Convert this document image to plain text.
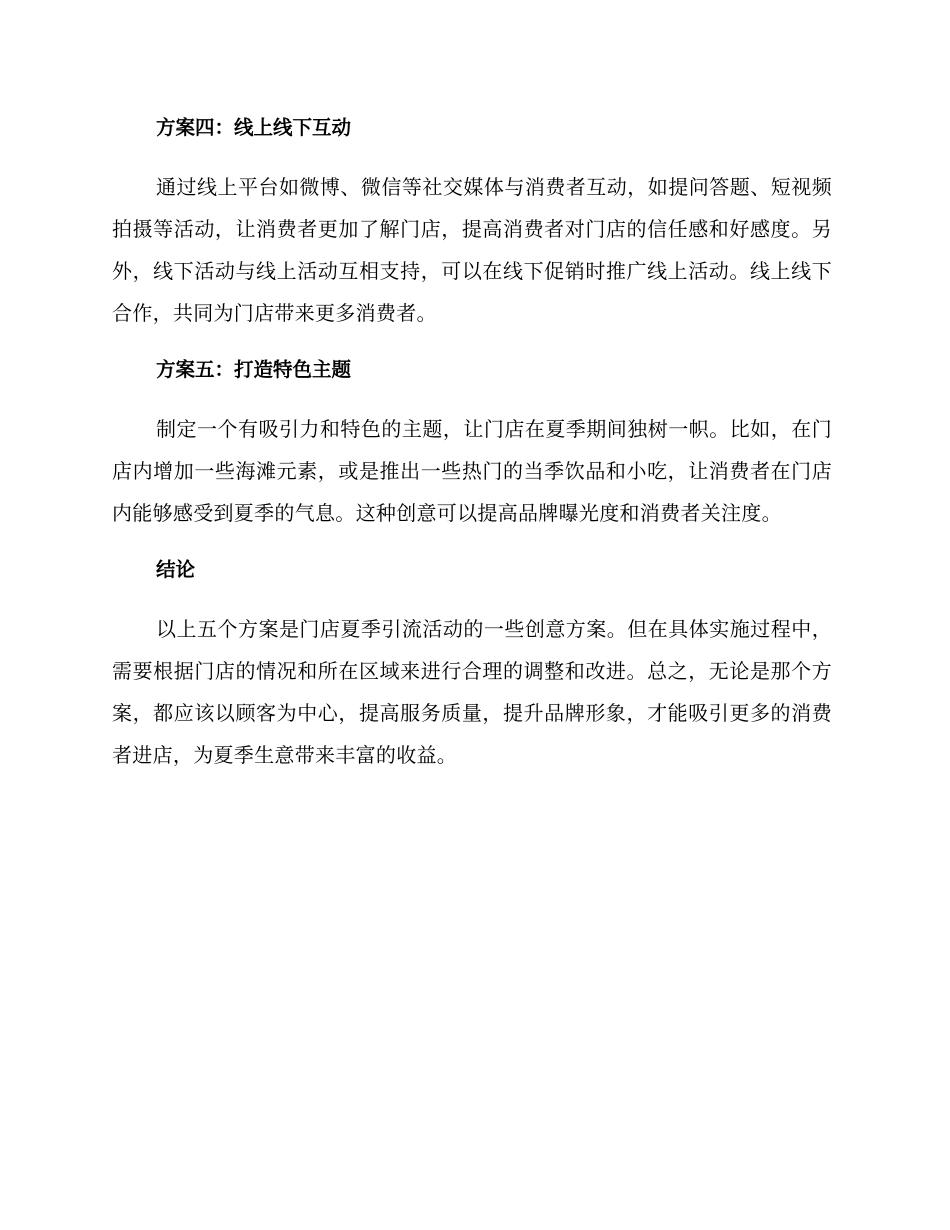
方案四：线上线下互动

通过线上平台如微博、微信等社交媒体与消费者互动，如提问答题、短视频拍摄等活动，让消费者更加了解门店，提高消费者对门店的信任感和好感度。另外，线下活动与线上活动互相支持，可以在线下促销时推广线上活动。线上线下合作，共同为门店带来更多消费者。

方案五：打造特色主题

制定一个有吸引力和特色的主题，让门店在夏季期间独树一帜。比如，在门店内增加一些海滩元素，或是推出一些热门的当季饮品和小吃，让消费者在门店内能够感受到夏季的气息。这种创意可以提高品牌曝光度和消费者关注度。

结论

以上五个方案是门店夏季引流活动的一些创意方案。但在具体实施过程中，需要根据门店的情况和所在区域来进行合理的调整和改进。总之，无论是那个方案，都应该以顾客为中心，提高服务质量，提升品牌形象，才能吸引更多的消费者进店，为夏季生意带来丰富的收益。
